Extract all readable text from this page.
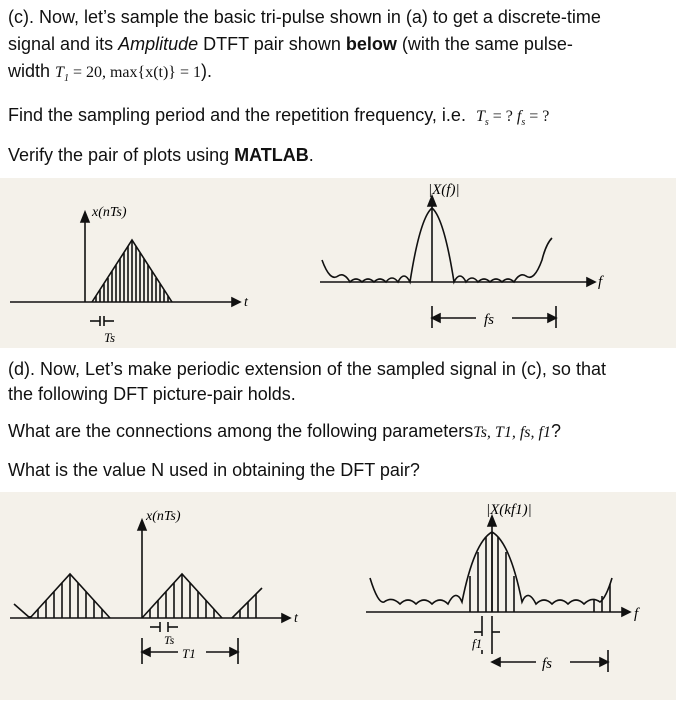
(c). Now, let’s sample the basic tri-pulse shown in (a) to get a discrete-time
signal and its Amplitude DTFT pair shown below (with the same pulse-
width $T_1 = 20$, max{x(t)} = 1).
Find the sampling period and the repetition frequency, i.e. $T_s$ = ? $f_s$ = ?
Verify the pair of plots using MATLAB.
x(nTs)
t
Ts
fs
|X(f)|
f
(d). Now, Let’s make periodic extension of the sampled signal in (c), so that
the following DFT picture-pair holds.
What are the connections among the following parametersTs, T1, fs, f1?
What is the value N used in obtaining the DFT pair?
x(nTs)
t
Ts
T1
f1
fs
|X(kf1)|
f
